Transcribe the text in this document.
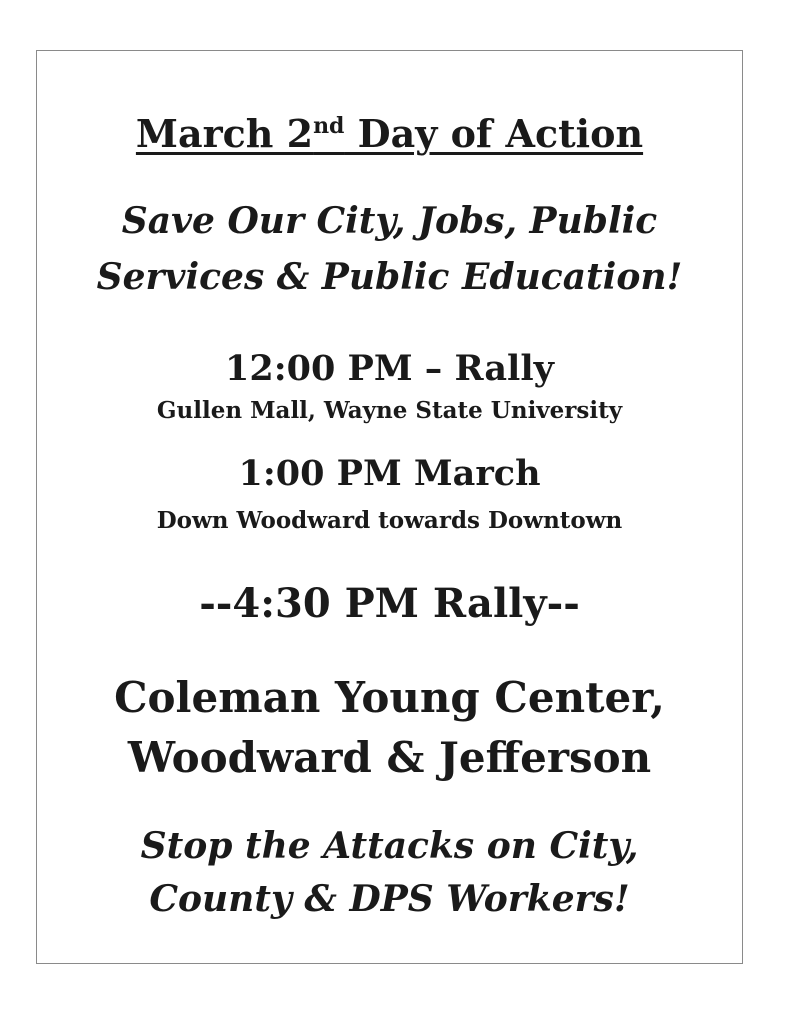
March 2nd Day of Action
Save Our City, Jobs, Public
Services & Public Education!
12:00 PM – Rally
Gullen Mall, Wayne State University
1:00 PM March
Down Woodward towards Downtown
--4:30 PM Rally--
Coleman Young Center,
Woodward & Jefferson
Stop the Attacks on City,
County & DPS Workers!
